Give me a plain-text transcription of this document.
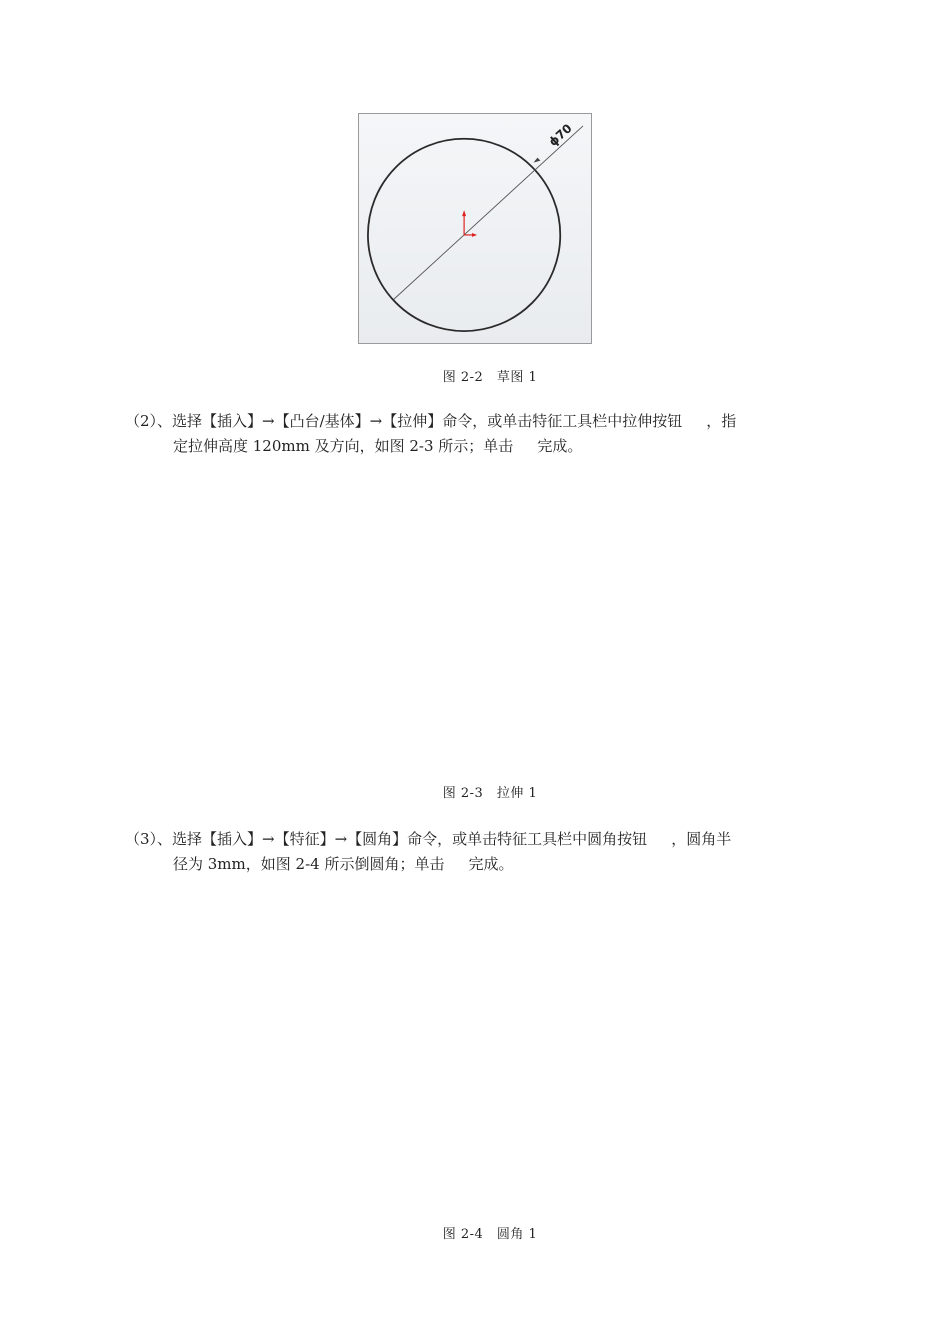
ϕ70
图 2-2　草图 1
（2）、选择【插入】→【凸台/基体】→【拉伸】命令，或单击特征工具栏中拉伸按钮 ，指
定拉伸高度 120mm 及方向，如图 2-3 所示；单击 完成。
图 2-3　拉伸 1
（3）、选择【插入】→【特征】→【圆角】命令，或单击特征工具栏中圆角按钮 ，圆角半
径为 3mm，如图 2-4 所示倒圆角；单击 完成。
图 2-4　圆角 1
